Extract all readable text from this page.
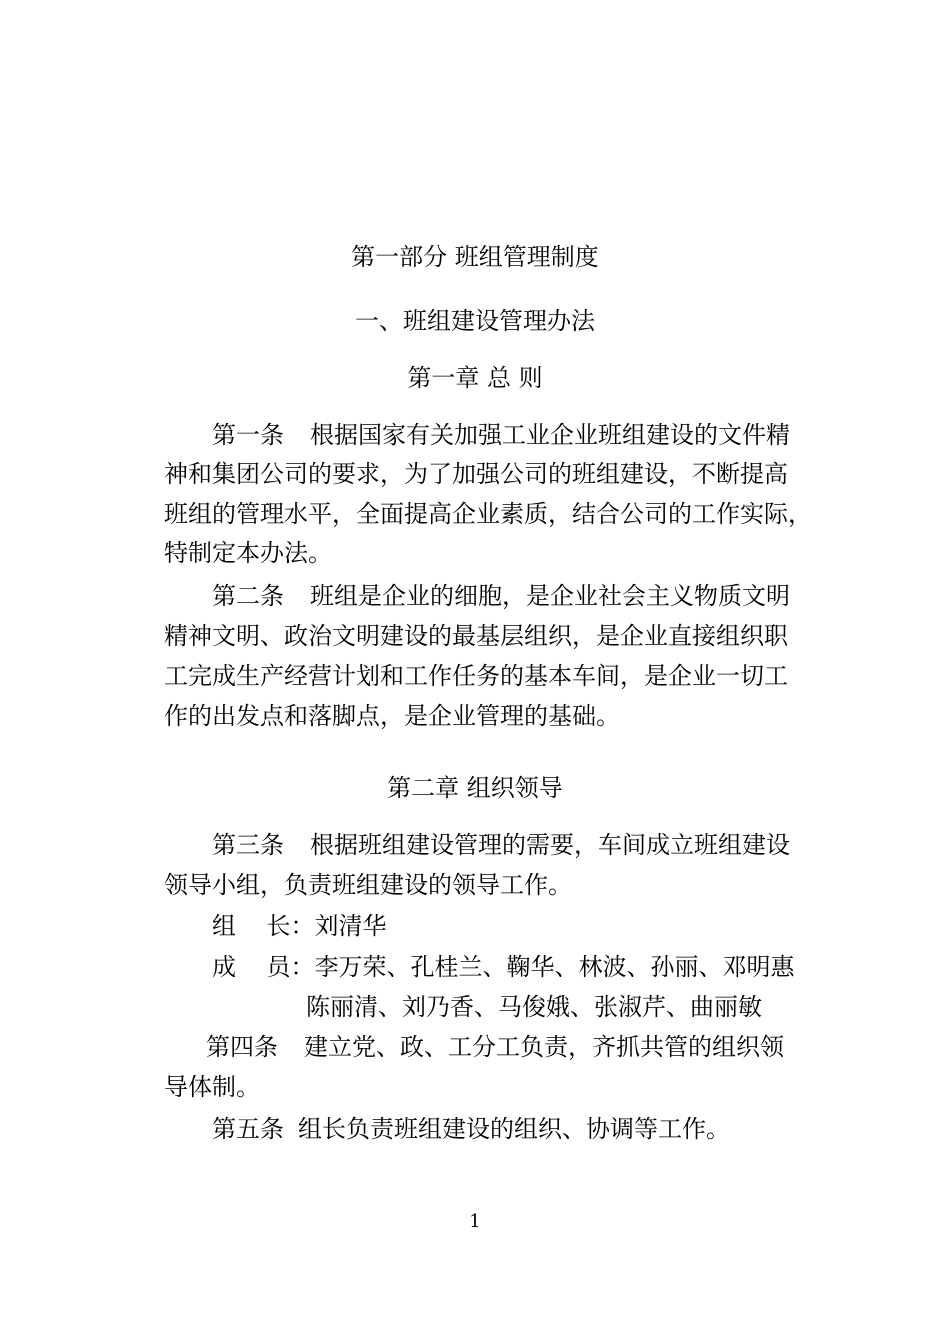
第一部分 班组管理制度
一、班组建设管理办法
第一章 总 则
第一条 根据国家有关加强工业企业班组建设的文件精
神和集团公司的要求，为了加强公司的班组建设，不断提高
班组的管理水平，全面提高企业素质，结合公司的工作实际，
特制定本办法。
第二条 班组是企业的细胞，是企业社会主义物质文明
精神文明、政治文明建设的最基层组织，是企业直接组织职
工完成生产经营计划和工作任务的基本车间，是企业一切工
作的出发点和落脚点，是企业管理的基础。
第二章 组织领导
第三条 根据班组建设管理的需要，车间成立班组建设
领导小组，负责班组建设的领导工作。
组    长：刘清华
成    员：李万荣、孔桂兰、鞠华、林波、孙丽、邓明惠
陈丽清、刘乃香、马俊娥、张淑芹、曲丽敏
第四条 建立党、政、工分工负责，齐抓共管的组织领
导体制。
第五条 组长负责班组建设的组织、协调等工作。
1
